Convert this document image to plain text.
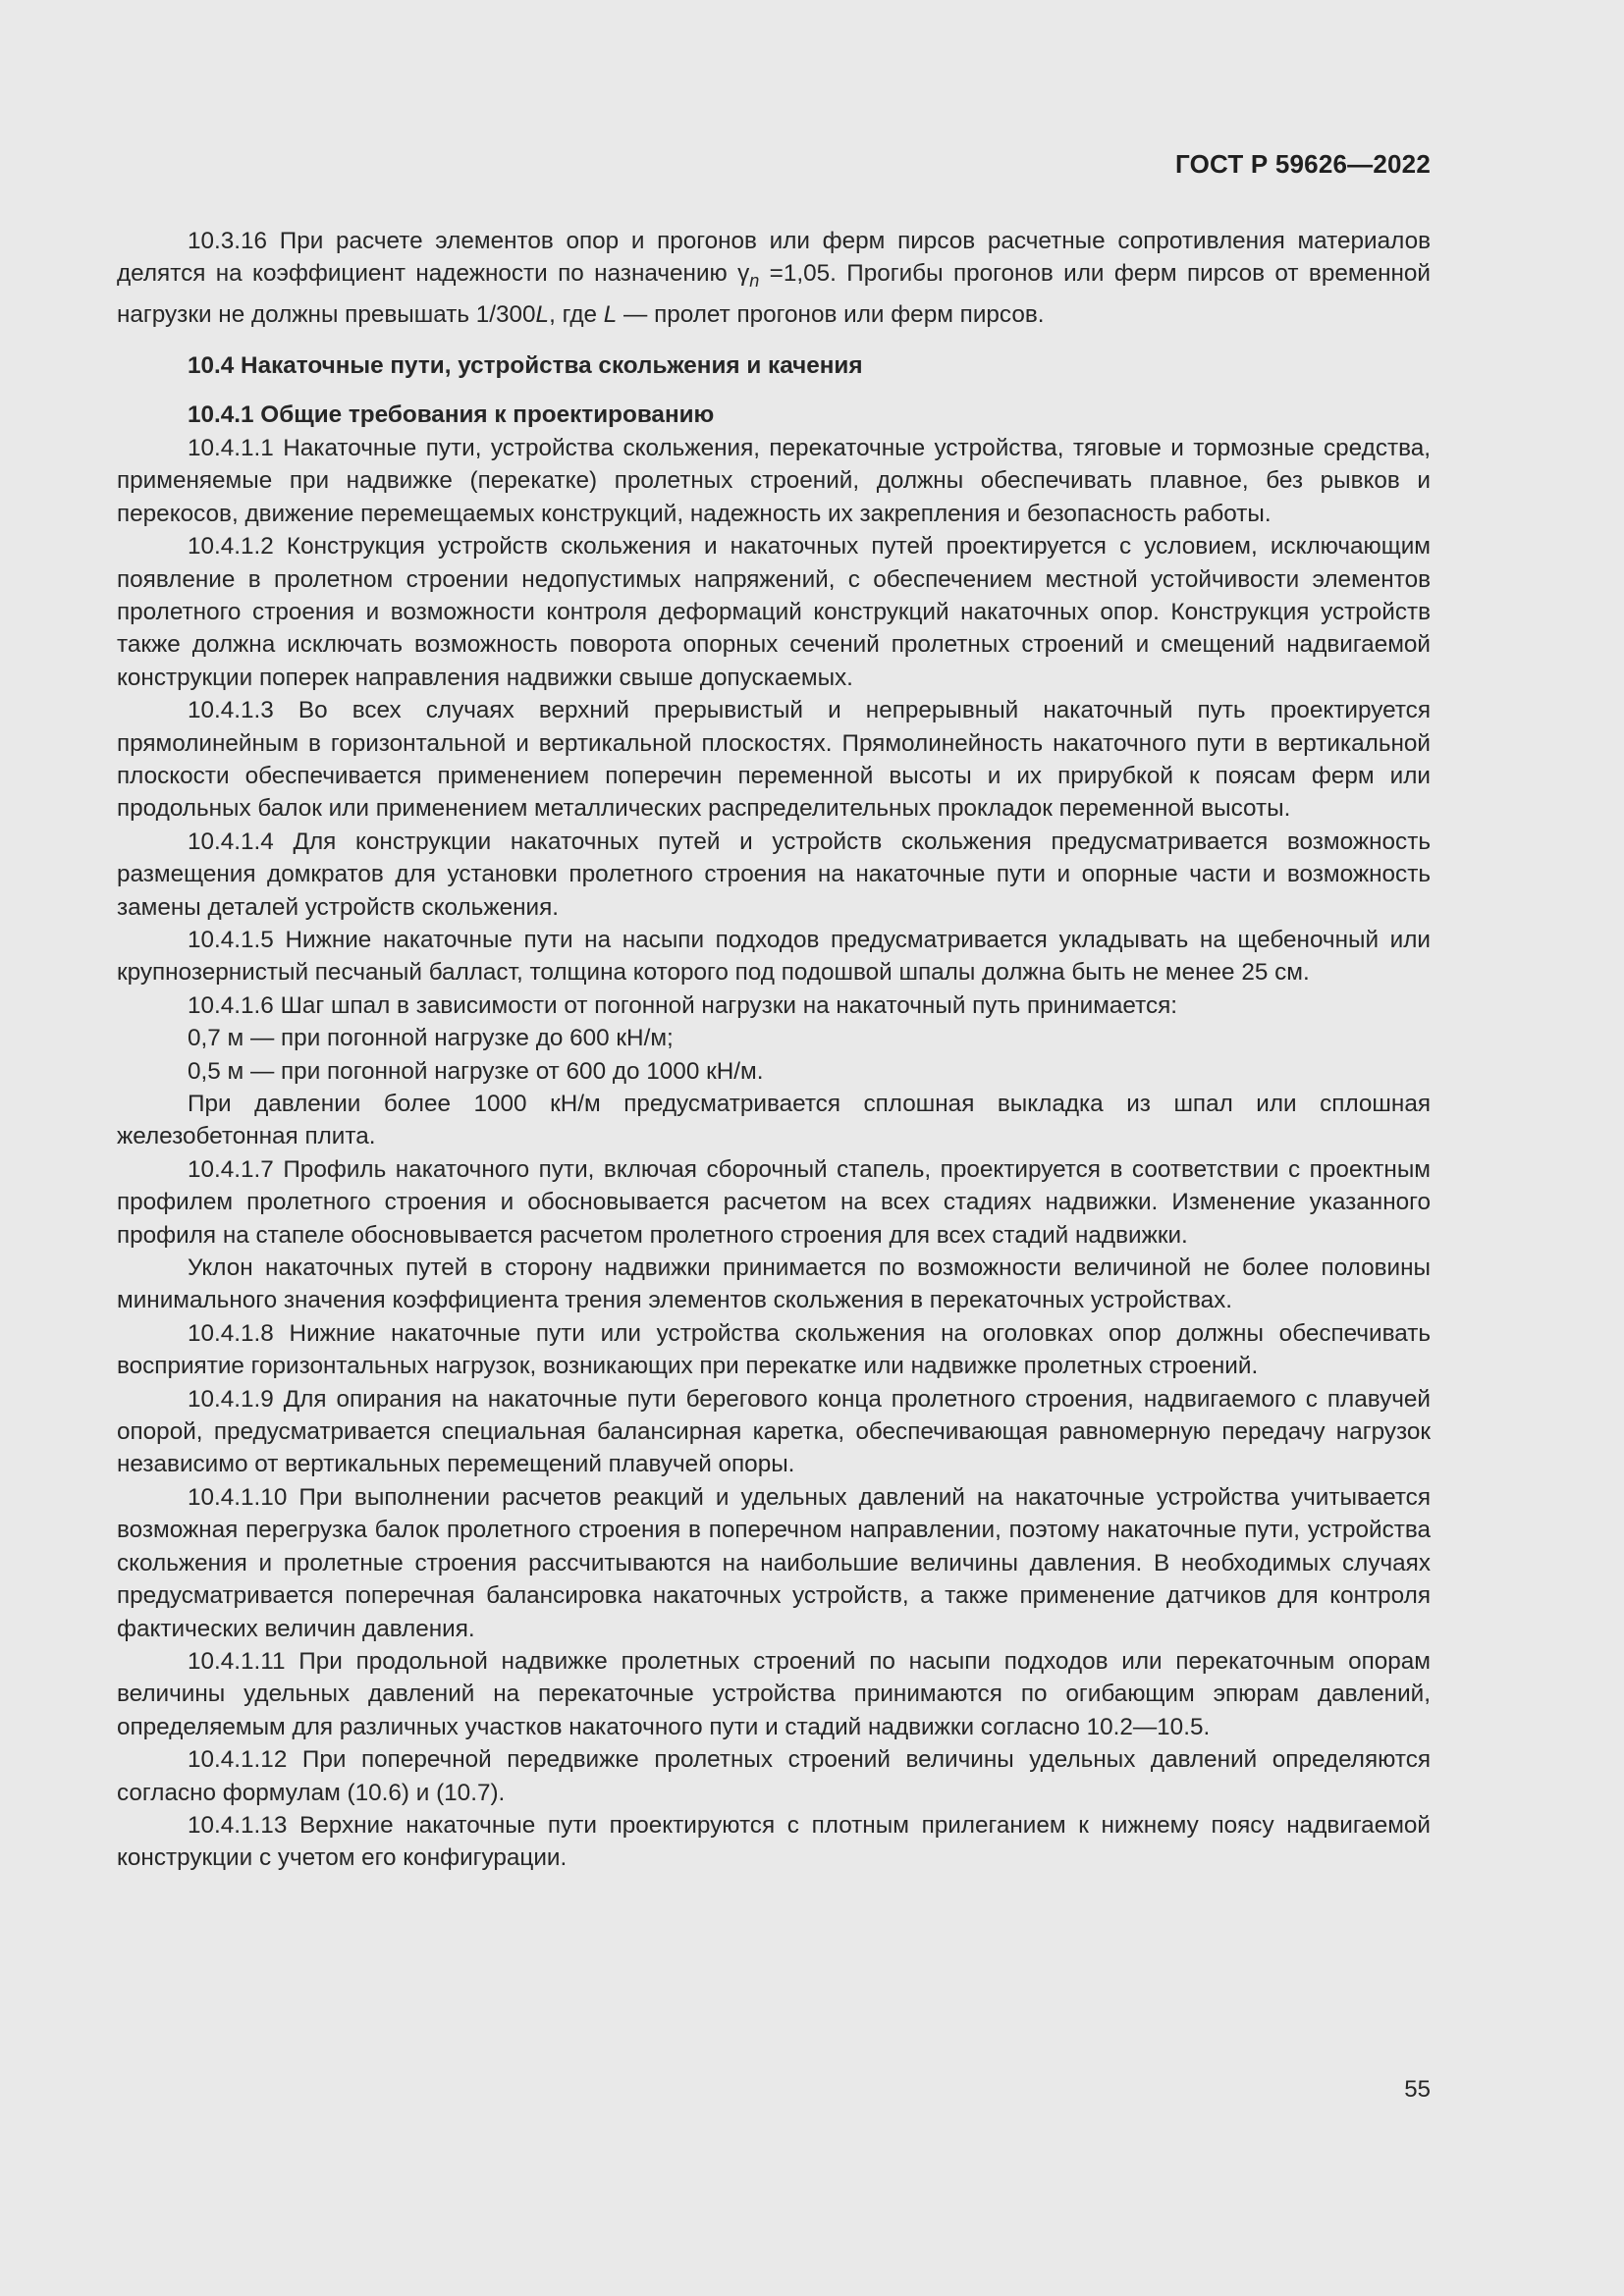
ГОСТ Р 59626—2022

10.3.16 При расчете элементов опор и прогонов или ферм пирсов расчетные сопротивления материалов делятся на коэффициент надежности по назначению $\gamma_n =1,05$. Прогибы прогонов или ферм пирсов от временной нагрузки не должны превышать 1/300L, где L — пролет прогонов или ферм пирсов.

10.4 Накаточные пути, устройства скольжения и качения
10.4.1 Общие требования к проектированию

10.4.1.1 Накаточные пути, устройства скольжения, перекаточные устройства, тяговые и тормозные средства, применяемые при надвижке (перекатке) пролетных строений, должны обеспечивать плавное, без рывков и перекосов, движение перемещаемых конструкций, надежность их закрепления и безопасность работы.

10.4.1.2 Конструкция устройств скольжения и накаточных путей проектируется с условием, исключающим появление в пролетном строении недопустимых напряжений, с обеспечением местной устойчивости элементов пролетного строения и возможности контроля деформаций конструкций накаточных опор. Конструкция устройств также должна исключать возможность поворота опорных сечений пролетных строений и смещений надвигаемой конструкции поперек направления надвижки свыше допускаемых.

10.4.1.3 Во всех случаях верхний прерывистый и непрерывный накаточный путь проектируется прямолинейным в горизонтальной и вертикальной плоскостях. Прямолинейность накаточного пути в вертикальной плоскости обеспечивается применением поперечин переменной высоты и их прирубкой к поясам ферм или продольных балок или применением металлических распределительных прокладок переменной высоты.

10.4.1.4 Для конструкции накаточных путей и устройств скольжения предусматривается возможность размещения домкратов для установки пролетного строения на накаточные пути и опорные части и возможность замены деталей устройств скольжения.

10.4.1.5 Нижние накаточные пути на насыпи подходов предусматривается укладывать на щебеночный или крупнозернистый песчаный балласт, толщина которого под подошвой шпалы должна быть не менее 25 см.

10.4.1.6 Шаг шпал в зависимости от погонной нагрузки на накаточный путь принимается:

0,7 м — при погонной нагрузке до 600 кН/м;

0,5 м — при погонной нагрузке от 600 до 1000 кН/м.

При давлении более 1000 кН/м предусматривается сплошная выкладка из шпал или сплошная железобетонная плита.

10.4.1.7 Профиль накаточного пути, включая сборочный стапель, проектируется в соответствии с проектным профилем пролетного строения и обосновывается расчетом на всех стадиях надвижки. Изменение указанного профиля на стапеле обосновывается расчетом пролетного строения для всех стадий надвижки.

Уклон накаточных путей в сторону надвижки принимается по возможности величиной не более половины минимального значения коэффициента трения элементов скольжения в перекаточных устройствах.

10.4.1.8 Нижние накаточные пути или устройства скольжения на оголовках опор должны обеспечивать восприятие горизонтальных нагрузок, возникающих при перекатке или надвижке пролетных строений.

10.4.1.9 Для опирания на накаточные пути берегового конца пролетного строения, надвигаемого с плавучей опорой, предусматривается специальная балансирная каретка, обеспечивающая равномерную передачу нагрузок независимо от вертикальных перемещений плавучей опоры.

10.4.1.10 При выполнении расчетов реакций и удельных давлений на накаточные устройства учитывается возможная перегрузка балок пролетного строения в поперечном направлении, поэтому накаточные пути, устройства скольжения и пролетные строения рассчитываются на наибольшие величины давления. В необходимых случаях предусматривается поперечная балансировка накаточных устройств, а также применение датчиков для контроля фактических величин давления.

10.4.1.11 При продольной надвижке пролетных строений по насыпи подходов или перекаточным опорам величины удельных давлений на перекаточные устройства принимаются по огибающим эпюрам давлений, определяемым для различных участков накаточного пути и стадий надвижки согласно 10.2—10.5.

10.4.1.12 При поперечной передвижке пролетных строений величины удельных давлений определяются согласно формулам (10.6) и (10.7).

10.4.1.13 Верхние накаточные пути проектируются с плотным прилеганием к нижнему поясу надвигаемой конструкции с учетом его конфигурации.

55
